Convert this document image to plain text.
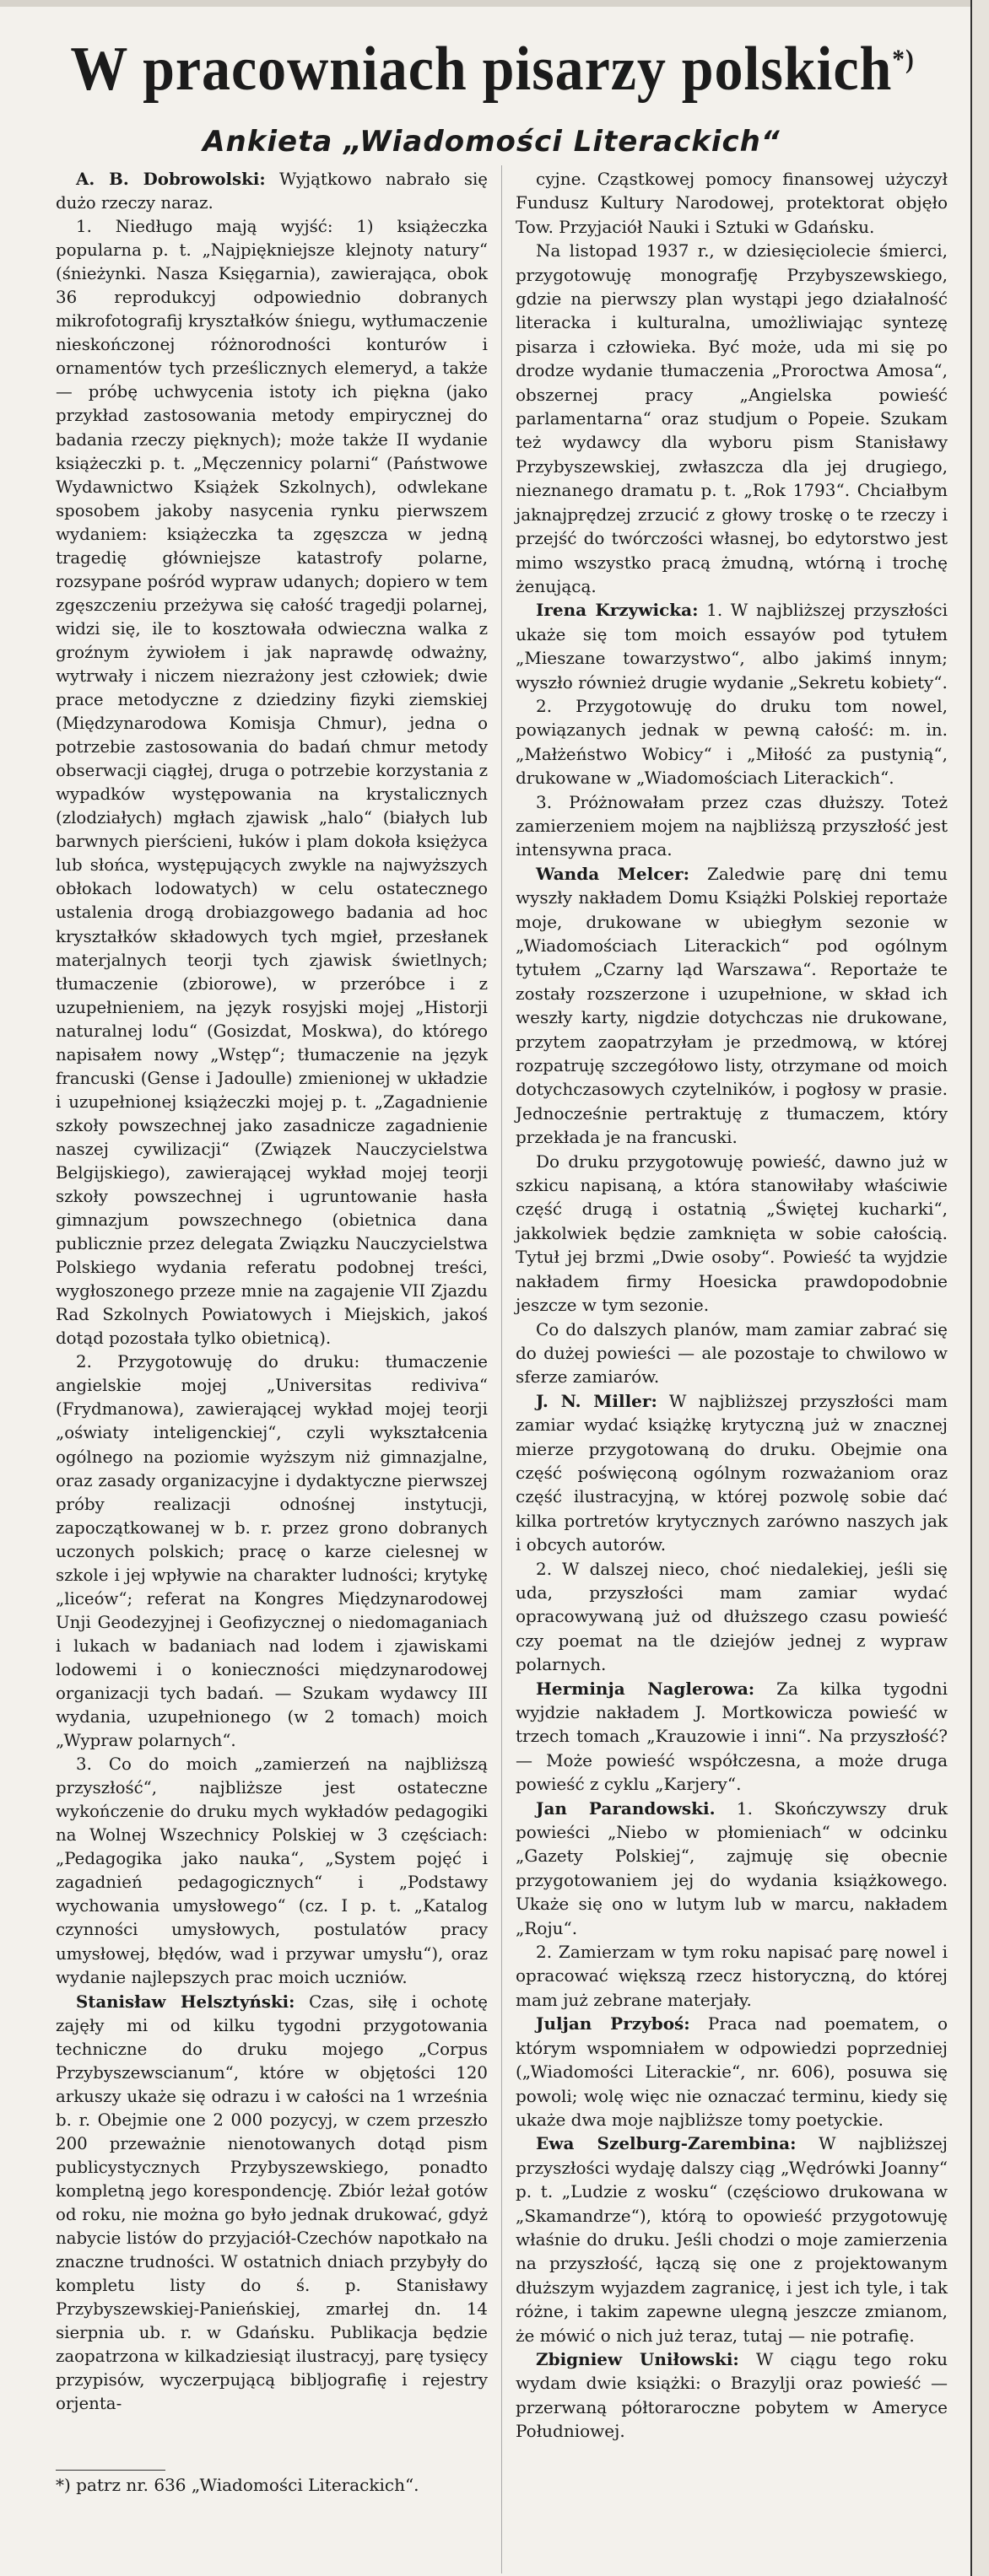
W pracowniach pisarzy polskich*)
Ankieta „Wiadomości Literackich“

A. B. Dobrowolski: Wyjątkowo nabrało się dużo rzeczy naraz.

1. Niedługo mają wyjść: 1) książeczka popularna p. t. „Najpiękniejsze klejnoty natury“ (śnieżynki. Nasza Księgarnia), zawierająca, obok 36 reprodukcyj odpowiednio dobranych mikrofotografij kryształków śniegu, wytłumaczenie nieskończonej różnorodności konturów i ornamentów tych prześlicznych elemeryd, a także — próbę uchwycenia istoty ich piękna (jako przykład zastosowania metody empirycznej do badania rzeczy pięknych); może także II wydanie książeczki p. t. „Męczennicy polarni“ (Państwowe Wydawnictwo Książek Szkolnych), odwlekane sposobem jakoby nasycenia rynku pierwszem wydaniem: książeczka ta zgęszcza w jedną tragedię główniejsze katastrofy polarne, rozsypane pośród wypraw udanych; dopiero w tem zgęszczeniu przeżywa się całość tragedji polarnej, widzi się, ile to kosztowała odwieczna walka z groźnym żywiołem i jak naprawdę odważny, wytrwały i niczem niezrażony jest człowiek; dwie prace metodyczne z dziedziny fizyki ziemskiej (Międzynarodowa Komisja Chmur), jedna o potrzebie zastosowania do badań chmur metody obserwacji ciągłej, druga o potrzebie korzystania z wypadków występowania na krystalicznych (zlodziałych) mgłach zjawisk „halo“ (białych lub barwnych pierścieni, łuków i plam dokoła księżyca lub słońca, występujących zwykle na najwyższych obłokach lodowatych) w celu ostatecznego ustalenia drogą drobiazgowego badania ad hoc kryształków składowych tych mgieł, przesłanek materjalnych teorji tych zjawisk świetlnych; tłumaczenie (zbiorowe), w przeróbce i z uzupełnieniem, na język rosyjski mojej „Historji naturalnej lodu“ (Gosizdat, Moskwa), do którego napisałem nowy „Wstęp“; tłumaczenie na język francuski (Gense i Jadoulle) zmienionej w układzie i uzupełnionej książeczki mojej p. t. „Zagadnienie szkoły powszechnej jako zasadnicze zagadnienie naszej cywilizacji“ (Związek Nauczycielstwa Belgijskiego), zawierającej wykład mojej teorji szkoły powszechnej i ugruntowanie hasła gimnazjum powszechnego (obietnica dana publicznie przez delegata Związku Nauczycielstwa Polskiego wydania referatu podobnej treści, wygłoszonego przeze mnie na zagajenie VII Zjazdu Rad Szkolnych Powiatowych i Miejskich, jakoś dotąd pozostała tylko obietnicą).

2. Przygotowuję do druku: tłumaczenie angielskie mojej „Universitas rediviva“ (Frydmanowa), zawierającej wykład mojej teorji „oświaty inteligenckiej“, czyli wykształcenia ogólnego na poziomie wyższym niż gimnazjalne, oraz zasady organizacyjne i dydaktyczne pierwszej próby realizacji odnośnej instytucji, zapoczątkowanej w b. r. przez grono dobranych uczonych polskich; pracę o karze cielesnej w szkole i jej wpływie na charakter ludności; krytykę „liceów“; referat na Kongres Międzynarodowej Unji Geodezyjnej i Geofizycznej o niedomaganiach i lukach w badaniach nad lodem i zjawiskami lodowemi i o konieczności międzynarodowej organizacji tych badań. — Szukam wydawcy III wydania, uzupełnionego (w 2 tomach) moich „Wypraw polarnych“.

3. Co do moich „zamierzeń na najbliższą przyszłość“, najbliższe jest ostateczne wykończenie do druku mych wykładów pedagogiki na Wolnej Wszechnicy Polskiej w 3 częściach: „Pedagogika jako nauka“, „System pojęć i zagadnień pedagogicznych“ i „Podstawy wychowania umysłowego“ (cz. I p. t. „Katalog czynności umysłowych, postulatów pracy umysłowej, błędów, wad i przywar umysłu“), oraz wydanie najlepszych prac moich uczniów.

Stanisław Helsztyński: Czas, siłę i ochotę zajęły mi od kilku tygodni przygotowania techniczne do druku mojego „Corpus Przybyszewscianum“, które w objętości 120 arkuszy ukaże się odrazu i w całości na 1 września b. r. Obejmie one 2 000 pozycyj, w czem przeszło 200 przeważnie nienotowanych dotąd pism publicystycznych Przybyszewskiego, ponadto kompletną jego korespondencję. Zbiór leżał gotów od roku, nie można go było jednak drukować, gdyż nabycie listów do przyjaciół-Czechów napotkało na znaczne trudności. W ostatnich dniach przybyły do kompletu listy do ś. p. Stanisławy Przybyszewskiej-Panieńskiej, zmarłej dn. 14 sierpnia ub. r. w Gdańsku. Publikacja będzie zaopatrzona w kilkadziesiąt ilustracyj, parę tysięcy przypisów, wyczerpującą bibljografię i rejestry orjenta-

cyjne. Cząstkowej pomocy finansowej użyczył Fundusz Kultury Narodowej, protektorat objęło Tow. Przyjaciół Nauki i Sztuki w Gdańsku.

Na listopad 1937 r., w dziesięciolecie śmierci, przygotowuję monografję Przybyszewskiego, gdzie na pierwszy plan wystąpi jego działalność literacka i kulturalna, umożliwiając syntezę pisarza i człowieka. Być może, uda mi się po drodze wydanie tłumaczenia „Proroctwa Amosa“, obszernej pracy „Angielska powieść parlamentarna“ oraz studjum o Popeie. Szukam też wydawcy dla wyboru pism Stanisławy Przybyszewskiej, zwłaszcza dla jej drugiego, nieznanego dramatu p. t. „Rok 1793“. Chciałbym jaknajprędzej zrzucić z głowy troskę o te rzeczy i przejść do twórczości własnej, bo edytorstwo jest mimo wszystko pracą żmudną, wtórną i trochę żenującą.

Irena Krzywicka: 1. W najbliższej przyszłości ukaże się tom moich essayów pod tytułem „Mieszane towarzystwo“, albo jakimś innym; wyszło również drugie wydanie „Sekretu kobiety“.

2. Przygotowuję do druku tom nowel, powiązanych jednak w pewną całość: m. in. „Małżeństwo Wobicy“ i „Miłość za pustynią“, drukowane w „Wiadomościach Literackich“.

3. Próżnowałam przez czas dłuższy. Toteż zamierzeniem mojem na najbliższą przyszłość jest intensywna praca.

Wanda Melcer: Zaledwie parę dni temu wyszły nakładem Domu Książki Polskiej reportaże moje, drukowane w ubiegłym sezonie w „Wiadomościach Literackich“ pod ogólnym tytułem „Czarny ląd Warszawa“. Reportaże te zostały rozszerzone i uzupełnione, w skład ich weszły karty, nigdzie dotychczas nie drukowane, przytem zaopatrzyłam je przedmową, w której rozpatruję szczegółowo listy, otrzymane od moich dotychczasowych czytelników, i pogłosy w prasie. Jednocześnie pertraktuję z tłumaczem, który przekłada je na francuski.

Do druku przygotowuję powieść, dawno już w szkicu napisaną, a która stanowiłaby właściwie część drugą i ostatnią „Świętej kucharki“, jakkolwiek będzie zamknięta w sobie całością. Tytuł jej brzmi „Dwie osoby“. Powieść ta wyjdzie nakładem firmy Hoesicka prawdopodobnie jeszcze w tym sezonie.

Co do dalszych planów, mam zamiar zabrać się do dużej powieści — ale pozostaje to chwilowo w sferze zamiarów.

J. N. Miller: W najbliższej przyszłości mam zamiar wydać książkę krytyczną już w znacznej mierze przygotowaną do druku. Obejmie ona część poświęconą ogólnym rozważaniom oraz część ilustracyjną, w której pozwolę sobie dać kilka portretów krytycznych zarówno naszych jak i obcych autorów.

2. W dalszej nieco, choć niedalekiej, jeśli się uda, przyszłości mam zamiar wydać opracowywaną już od dłuższego czasu powieść czy poemat na tle dziejów jednej z wypraw polarnych.

Herminja Naglerowa: Za kilka tygodni wyjdzie nakładem J. Mortkowicza powieść w trzech tomach „Krauzowie i inni“. Na przyszłość? — Może powieść współczesna, a może druga powieść z cyklu „Karjery“.

Jan Parandowski. 1. Skończywszy druk powieści „Niebo w płomieniach“ w odcinku „Gazety Polskiej“, zajmuję się obecnie przygotowaniem jej do wydania książkowego. Ukaże się ono w lutym lub w marcu, nakładem „Roju“.

2. Zamierzam w tym roku napisać parę nowel i opracować większą rzecz historyczną, do której mam już zebrane materjały.

Juljan Przyboś: Praca nad poematem, o którym wspomniałem w odpowiedzi poprzedniej („Wiadomości Literackie“, nr. 606), posuwa się powoli; wolę więc nie oznaczać terminu, kiedy się ukaże dwa moje najbliższe tomy poetyckie.

Ewa Szelburg-Zarembina: W najbliższej przyszłości wydaję dalszy ciąg „Wędrówki Joanny“ p. t. „Ludzie z wosku“ (częściowo drukowana w „Skamandrze“), którą to opowieść przygotowuję właśnie do druku. Jeśli chodzi o moje zamierzenia na przyszłość, łączą się one z projektowanym dłuższym wyjazdem zagranicę, i jest ich tyle, i tak różne, i takim zapewne ulegną jeszcze zmianom, że mówić o nich już teraz, tutaj — nie potrafię.

Zbigniew Uniłowski: W ciągu tego roku wydam dwie książki: o Brazylji oraz powieść — przerwaną półtoraroczne pobytem w Ameryce Południowej.

*) patrz nr. 636 „Wiadomości Literackich“.
